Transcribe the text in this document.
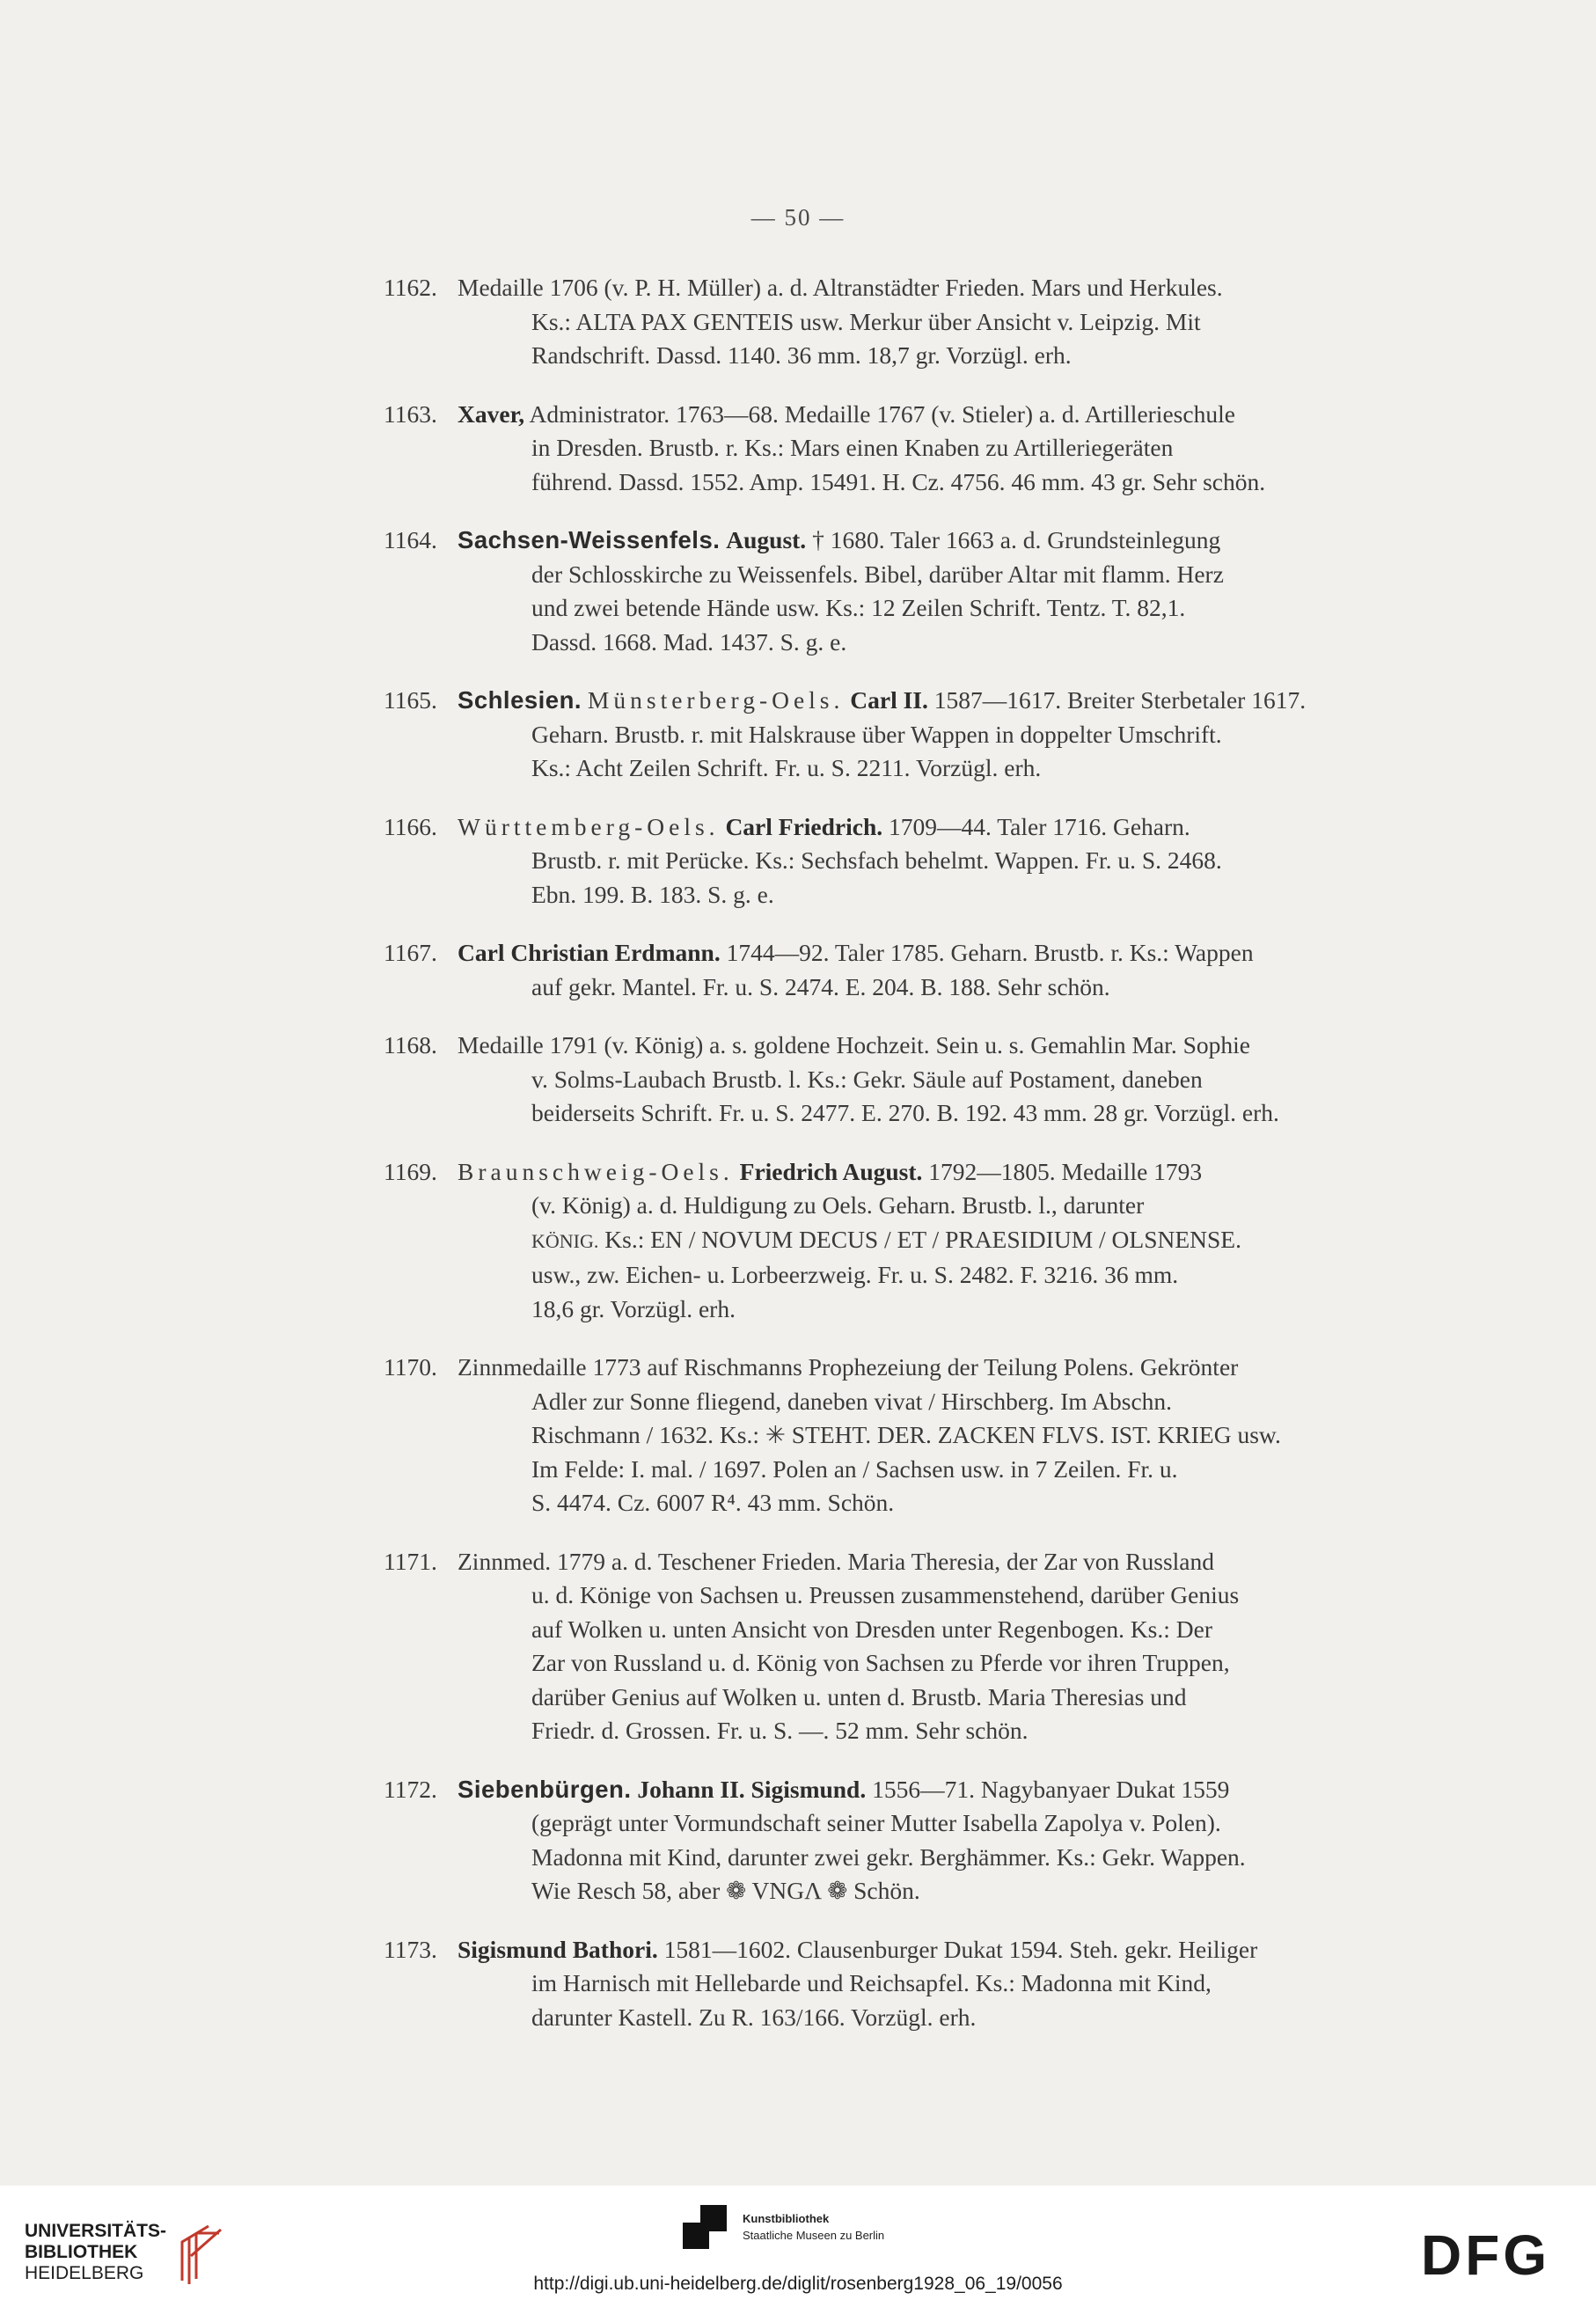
— 50 —
1162. Medaille 1706 (v. P. H. Müller) a. d. Altranstädter Frieden. Mars und Herkules.
Ks.: ALTA PAX GENTEIS usw. Merkur über Ansicht v. Leipzig. Mit
Randschrift. Dassd. 1140. 36 mm. 18,7 gr. Vorzügl. erh.
1163. Xaver, Administrator. 1763—68. Medaille 1767 (v. Stieler) a. d. Artillerieschule
in Dresden. Brustb. r. Ks.: Mars einen Knaben zu Artilleriegeräten
führend. Dassd. 1552. Amp. 15491. H. Cz. 4756. 46 mm. 43 gr. Sehr schön.
1164. Sachsen-Weissenfels. August. † 1680. Taler 1663 a. d. Grundsteinlegung
der Schlosskirche zu Weissenfels. Bibel, darüber Altar mit flamm. Herz
und zwei betende Hände usw. Ks.: 12 Zeilen Schrift. Tentz. T. 82,1.
Dassd. 1668. Mad. 1437. S. g. e.
1165. Schlesien. Münsterberg-Oels. Carl II. 1587—1617. Breiter Sterbetaler 1617.
Geharn. Brustb. r. mit Halskrause über Wappen in doppelter Umschrift.
Ks.: Acht Zeilen Schrift. Fr. u. S. 2211. Vorzügl. erh.
1166. Württemberg-Oels. Carl Friedrich. 1709—44. Taler 1716. Geharn.
Brustb. r. mit Perücke. Ks.: Sechsfach behelmt. Wappen. Fr. u. S. 2468.
Ebn. 199. B. 183. S. g. e.
1167. Carl Christian Erdmann. 1744—92. Taler 1785. Geharn. Brustb. r. Ks.: Wappen
auf gekr. Mantel. Fr. u. S. 2474. E. 204. B. 188. Sehr schön.
1168. Medaille 1791 (v. König) a. s. goldene Hochzeit. Sein u. s. Gemahlin Mar. Sophie
v. Solms-Laubach Brustb. l. Ks.: Gekr. Säule auf Postament, daneben
beiderseits Schrift. Fr. u. S. 2477. E. 270. B. 192. 43 mm. 28 gr. Vorzügl. erh.
1169. Braunschweig-Oels. Friedrich August. 1792—1805. Medaille 1793
(v. König) a. d. Huldigung zu Oels. Geharn. Brustb. l., darunter
KÖNIG. Ks.: EN / NOVUM DECUS / ET / PRAESIDIUM / OLSNENSE.
usw., zw. Eichen- u. Lorbeerzweig. Fr. u. S. 2482. F. 3216. 36 mm.
18,6 gr. Vorzügl. erh.
1170. Zinnmedaille 1773 auf Rischmanns Prophezeiung der Teilung Polens. Gekrönter
Adler zur Sonne fliegend, daneben vivat / Hirschberg. Im Abschn.
Rischmann / 1632. Ks.: ✳ STEHT. DER. ZACKEN FLVS. IST. KRIEG usw.
Im Felde: I. mal. / 1697. Polen an / Sachsen usw. in 7 Zeilen. Fr. u.
S. 4474. Cz. 6007 R⁴. 43 mm. Schön.
1171. Zinnmed. 1779 a. d. Teschener Frieden. Maria Theresia, der Zar von Russland
u. d. Könige von Sachsen u. Preussen zusammenstehend, darüber Genius
auf Wolken u. unten Ansicht von Dresden unter Regenbogen. Ks.: Der
Zar von Russland u. d. König von Sachsen zu Pferde vor ihren Truppen,
darüber Genius auf Wolken u. unten d. Brustb. Maria Theresias und
Friedr. d. Grossen. Fr. u. S. —. 52 mm. Sehr schön.
1172. Siebenbürgen. Johann II. Sigismund. 1556—71. Nagybanyaer Dukat 1559
(geprägt unter Vormundschaft seiner Mutter Isabella Zapolya v. Polen).
Madonna mit Kind, darunter zwei gekr. Berghämmer. Ks.: Gekr. Wappen.
Wie Resch 58, aber ❁ VNGΛ ❁ Schön.
1173. Sigismund Bathori. 1581—1602. Clausenburger Dukat 1594. Steh. gekr. Heiliger
im Harnisch mit Hellebarde und Reichsapfel. Ks.: Madonna mit Kind,
darunter Kastell. Zu R. 163/166. Vorzügl. erh.
UNIVERSITÄTS-
BIBLIOTHEK
HEIDELBERG
Kunstbibliothek
Staatliche Museen zu Berlin	DFG
http://digi.ub.uni-heidelberg.de/diglit/rosenberg1928_06_19/0056
